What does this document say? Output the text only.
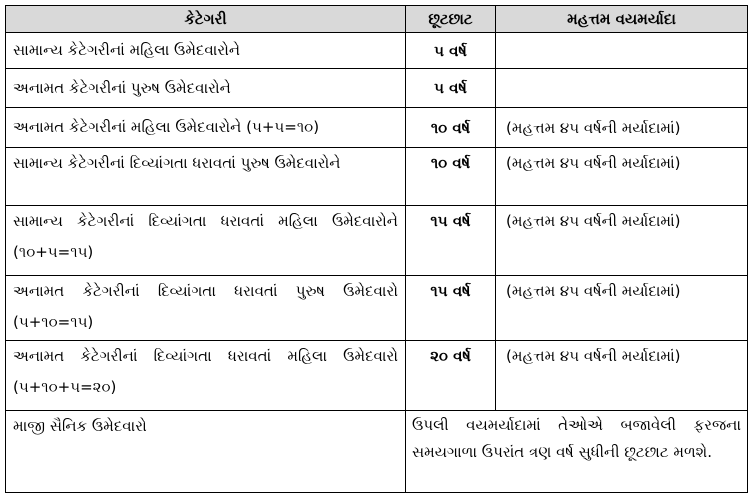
કેટેગરી	છૂટછાટ	મહત્તમ વયમર્યાદા
સામાન્ય કેટેગરીનાં મહિલા ઉમેદવારોને	૫ વર્ષ	
અનામત કેટેગરીનાં પુરુષ ઉમેદવારોને	૫ વર્ષ	
અનામત કેટેગરીનાં મહિલા ઉમેદવારોને (૫+૫=૧૦)	૧૦ વર્ષ	(મહત્તમ ૪૫ વર્ષની મર્યાદામાં)
સામાન્ય કેટેગરીનાં દિવ્યાંગતા ધરાવતાં પુરુષ ઉમેદવારોને	૧૦ વર્ષ	(મહત્તમ ૪૫ વર્ષની મર્યાદામાં)
સામાન્ય કેટેગરીનાં દિવ્યાંગતા ધરાવતાં મહિલા ઉમેદવારોને (૧૦+૫=૧૫)	૧૫ વર્ષ	(મહત્તમ ૪૫ વર્ષની મર્યાદામાં)
અનામત કેટેગરીનાં દિવ્યાંગતા ધરાવતાં પુરુષ ઉમેદવારો (૫+૧૦=૧૫)	૧૫ વર્ષ	(મહત્તમ ૪૫ વર્ષની મર્યાદામાં)
અનામત કેટેગરીનાં દિવ્યાંગતા ધરાવતાં મહિલા ઉમેદવારો (૫+૧૦+૫=૨૦)	૨૦ વર્ષ	(મહત્તમ ૪૫ વર્ષની મર્યાદામાં)
માજી સૈનિક ઉમેદવારો	ઉપલી વયમર્યાદામાં તેઓએ બજાવેલી ફરજના સમયગાળા ઉપરાંત ત્રણ વર્ષ સુધીની છૂટછાટ મળશે.	
